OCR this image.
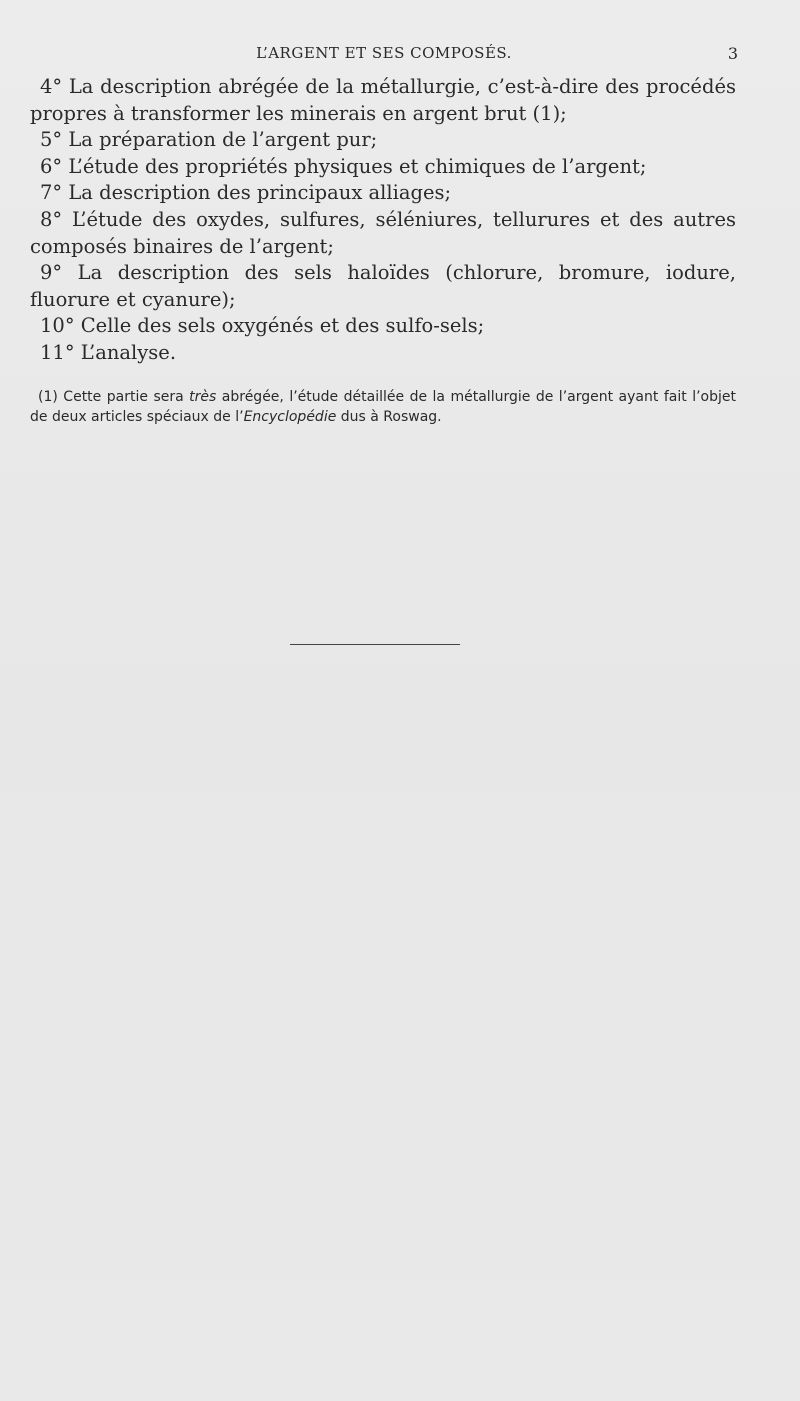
L’ARGENT ET SES COMPOSÉS.	3

4° La description abrégée de la métallurgie, c’est-à-dire des procédés propres à transformer les minerais en argent brut (1);

5° La préparation de l’argent pur;

6° L’étude des propriétés physiques et chimiques de l’argent;

7° La description des principaux alliages;

8° L’étude des oxydes, sulfures, séléniures, tellurures et des autres composés binaires de l’argent;

9° La description des sels haloïdes (chlorure, bromure, iodure, fluorure et cyanure);

10° Celle des sels oxygénés et des sulfo-sels;

11° L’analyse.

(1) Cette partie sera très abrégée, l’étude détaillée de la métallurgie de l’argent ayant fait l’objet de deux articles spéciaux de l’Encyclopédie dus à Roswag.
